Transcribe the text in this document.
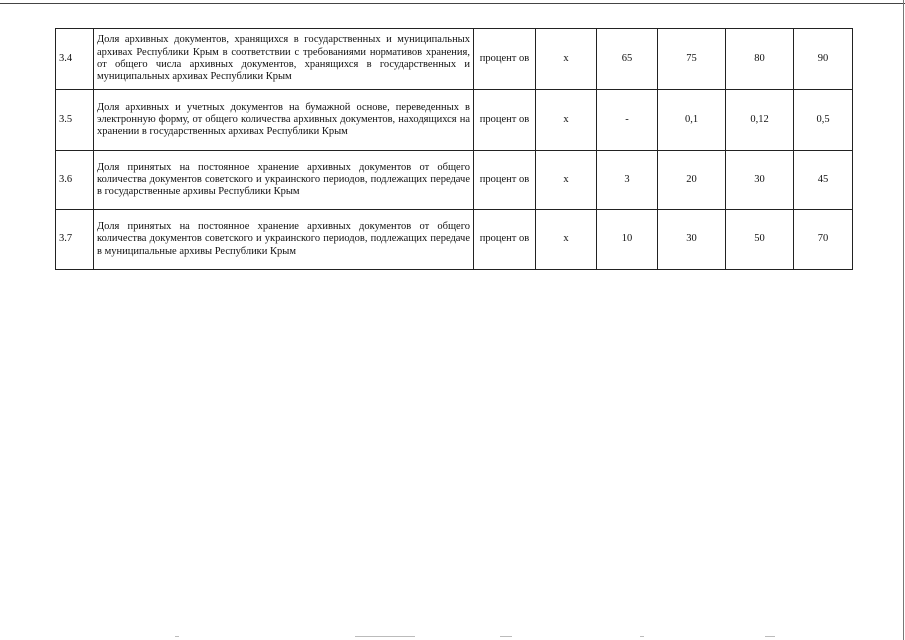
3.4	Доля архивных документов, хранящихся в государственных и муниципальных архивах Республики Крым в соответствии с требованиями нормативов хранения, от общего числа архивных документов, хранящихся в государственных и муниципальных архивах Республики Крым	процент ов	х	65	75	80	90
3.5	Доля архивных и учетных документов на бумажной основе, переведенных в электронную форму, от общего количества архивных документов, находящихся на хранении в государственных архивах Республики Крым	процент ов	х	-	0,1	0,12	0,5
3.6	Доля принятых на постоянное хранение архивных документов от общего количества документов советского и украинского периодов, подлежащих передаче в государственные архивы Республики Крым	процент ов	х	3	20	30	45
3.7	Доля принятых на постоянное хранение архивных документов от общего количества документов советского и украинского периодов, подлежащих передаче в муниципальные архивы Республики Крым	процент ов	х	10	30	50	70
